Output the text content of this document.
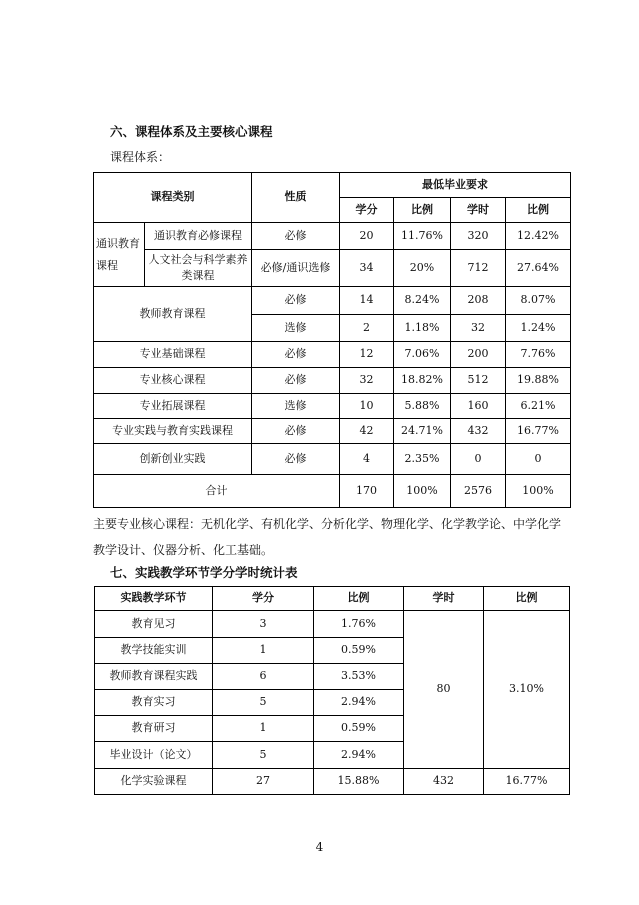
六、课程体系及主要核心课程
课程体系：
课程类别		性质	最低毕业要求			
			学分	比例	学时	比例
通识教育课程	通识教育必修课程	必修	20	11.76%	320	12.42%
	人文社会与科学素养类课程	必修/通识选修	34	20%	712	27.64%
教师教育课程		必修	14	8.24%	208	8.07%
		选修	2	1.18%	32	1.24%
专业基础课程		必修	12	7.06%	200	7.76%
专业核心课程		必修	32	18.82%	512	19.88%
专业拓展课程		选修	10	5.88%	160	6.21%
专业实践与教育实践课程		必修	42	24.71%	432	16.77%
创新创业实践		必修	4	2.35%	0	0
合计			170	100%	2576	100%
主要专业核心课程：无机化学、有机化学、分析化学、物理化学、化学教学论、中学化学教学设计、仪器分析、化工基础。
七、实践教学环节学分学时统计表
实践教学环节	学分	比例	学时	比例
教育见习	3	1.76%	80	3.10%
教学技能实训	1	0.59%		
教师教育课程实践	6	3.53%		
教育实习	5	2.94%		
教育研习	1	0.59%		
毕业设计（论文）	5	2.94%		
化学实验课程	27	15.88%	432	16.77%
4
